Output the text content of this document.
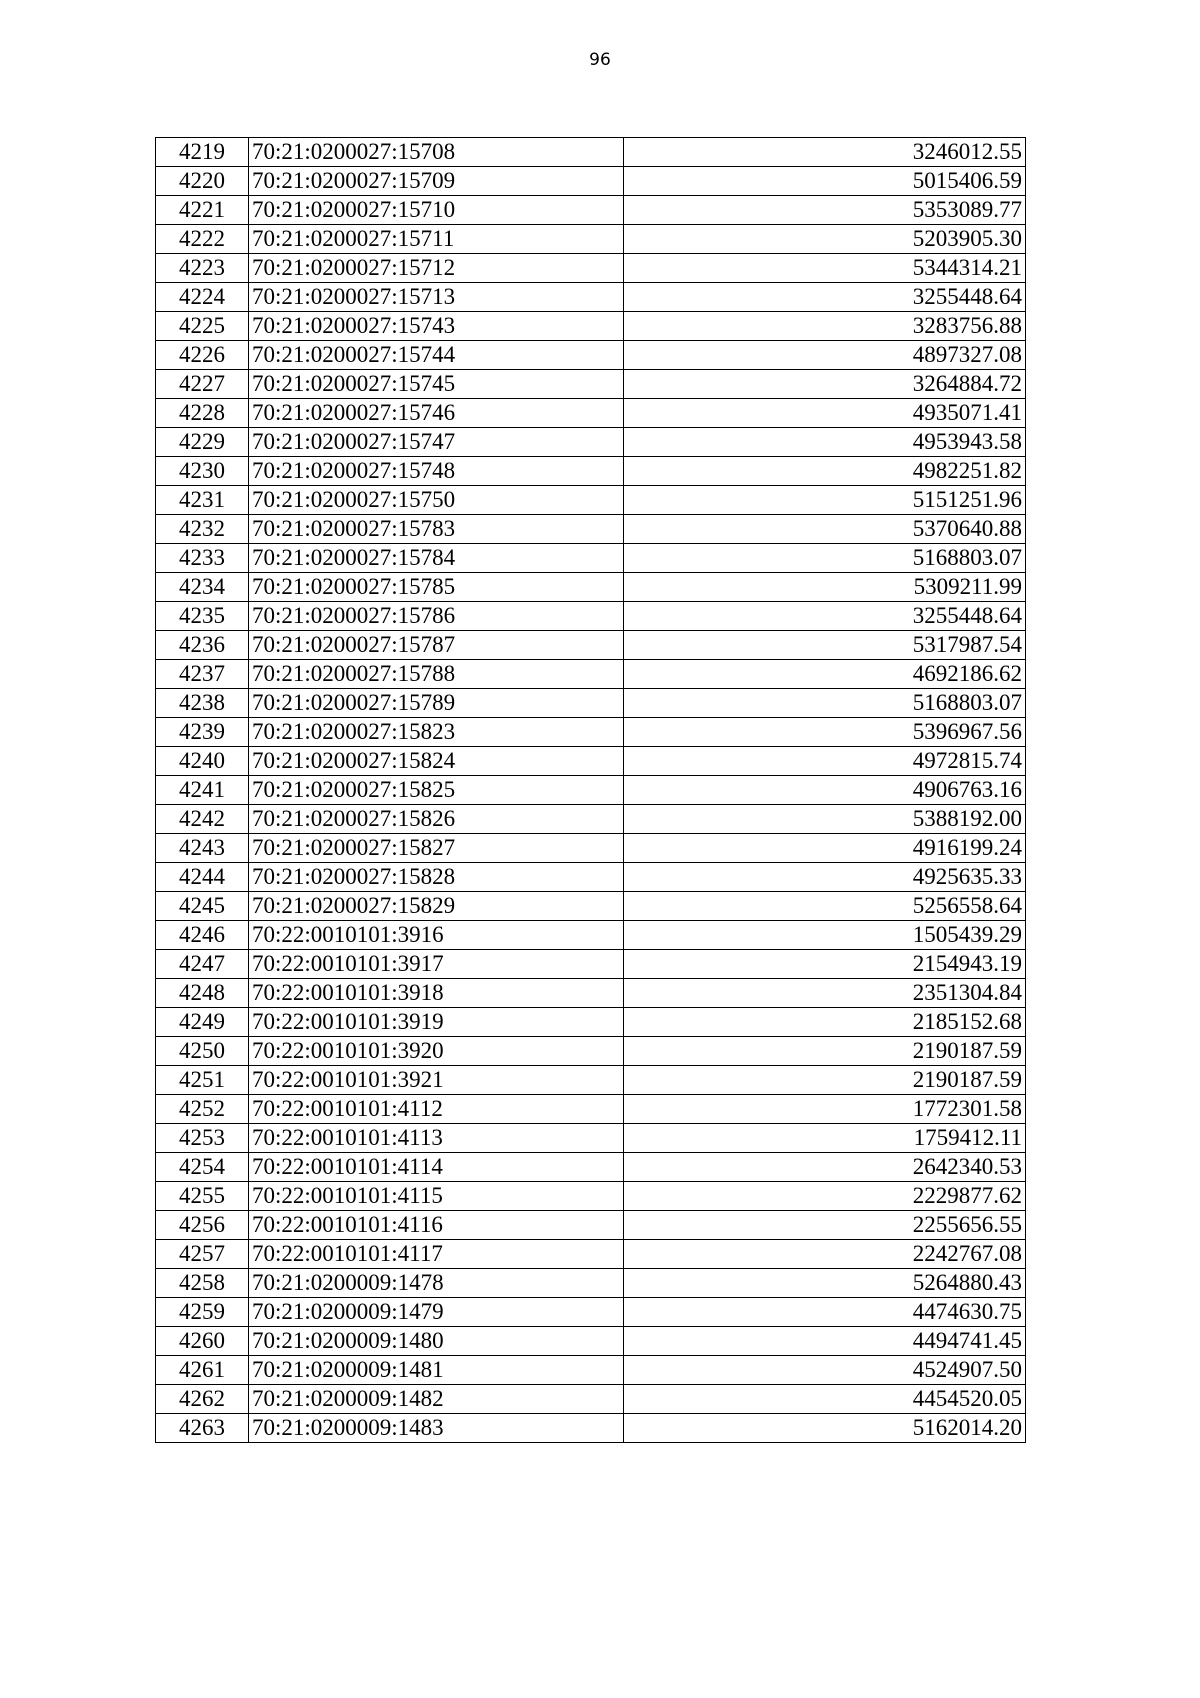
96
4219	70:21:0200027:15708	3246012.55
4220	70:21:0200027:15709	5015406.59
4221	70:21:0200027:15710	5353089.77
4222	70:21:0200027:15711	5203905.30
4223	70:21:0200027:15712	5344314.21
4224	70:21:0200027:15713	3255448.64
4225	70:21:0200027:15743	3283756.88
4226	70:21:0200027:15744	4897327.08
4227	70:21:0200027:15745	3264884.72
4228	70:21:0200027:15746	4935071.41
4229	70:21:0200027:15747	4953943.58
4230	70:21:0200027:15748	4982251.82
4231	70:21:0200027:15750	5151251.96
4232	70:21:0200027:15783	5370640.88
4233	70:21:0200027:15784	5168803.07
4234	70:21:0200027:15785	5309211.99
4235	70:21:0200027:15786	3255448.64
4236	70:21:0200027:15787	5317987.54
4237	70:21:0200027:15788	4692186.62
4238	70:21:0200027:15789	5168803.07
4239	70:21:0200027:15823	5396967.56
4240	70:21:0200027:15824	4972815.74
4241	70:21:0200027:15825	4906763.16
4242	70:21:0200027:15826	5388192.00
4243	70:21:0200027:15827	4916199.24
4244	70:21:0200027:15828	4925635.33
4245	70:21:0200027:15829	5256558.64
4246	70:22:0010101:3916	1505439.29
4247	70:22:0010101:3917	2154943.19
4248	70:22:0010101:3918	2351304.84
4249	70:22:0010101:3919	2185152.68
4250	70:22:0010101:3920	2190187.59
4251	70:22:0010101:3921	2190187.59
4252	70:22:0010101:4112	1772301.58
4253	70:22:0010101:4113	1759412.11
4254	70:22:0010101:4114	2642340.53
4255	70:22:0010101:4115	2229877.62
4256	70:22:0010101:4116	2255656.55
4257	70:22:0010101:4117	2242767.08
4258	70:21:0200009:1478	5264880.43
4259	70:21:0200009:1479	4474630.75
4260	70:21:0200009:1480	4494741.45
4261	70:21:0200009:1481	4524907.50
4262	70:21:0200009:1482	4454520.05
4263	70:21:0200009:1483	5162014.20
